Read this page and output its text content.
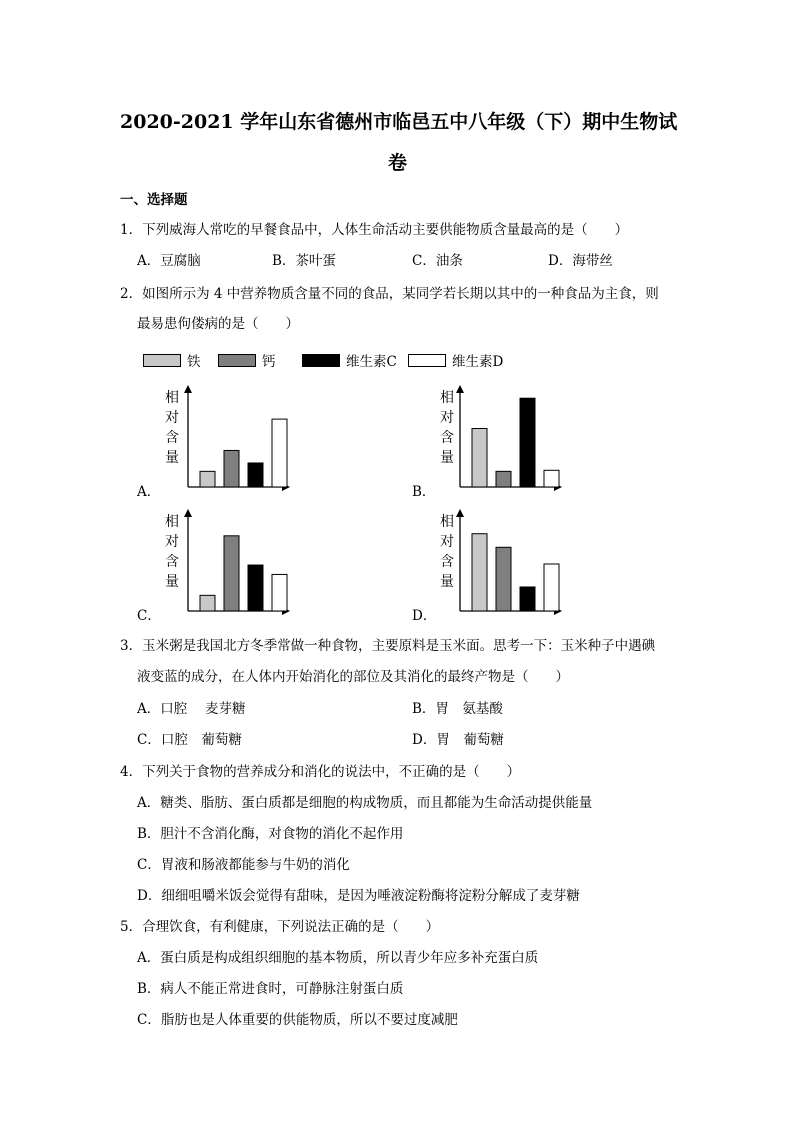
2020-2021 学年山东省德州市临邑五中八年级（下）期中生物试
卷
一、选择题
1．下列威海人常吃的早餐食品中，人体生命活动主要供能物质含量最高的是（　　）
A．豆腐脑	B．茶叶蛋	C．油条	D．海带丝
2．如图所示为 4 中营养物质含量不同的食品，某同学若长期以其中的一种食品为主食，则
最易患佝偻病的是（　　）
铁	钙	维生素C	维生素D
相
对
含
量
A．
相
对
含
量
B．
相
对
含
量
C．
相
对
含
量
D．
3．玉米粥是我国北方冬季常做一种食物，主要原料是玉米面。思考一下：玉米种子中遇碘
液变蓝的成分，在人体内开始消化的部位及其消化的最终产物是（　　）
A．口腔　 麦芽糖	B．胃　氨基酸
C．口腔　葡萄糖	D．胃　葡萄糖
4．下列关于食物的营养成分和消化的说法中，不正确的是（　　）
A．糖类、脂肪、蛋白质都是细胞的构成物质，而且都能为生命活动提供能量
B．胆汁不含消化酶，对食物的消化不起作用
C．胃液和肠液都能参与牛奶的消化
D．细细咀嚼米饭会觉得有甜味，是因为唾液淀粉酶将淀粉分解成了麦芽糖
5．合理饮食，有利健康，下列说法正确的是（　　）
A．蛋白质是构成组织细胞的基本物质，所以青少年应多补充蛋白质
B．病人不能正常进食时，可静脉注射蛋白质
C．脂肪也是人体重要的供能物质，所以不要过度减肥
